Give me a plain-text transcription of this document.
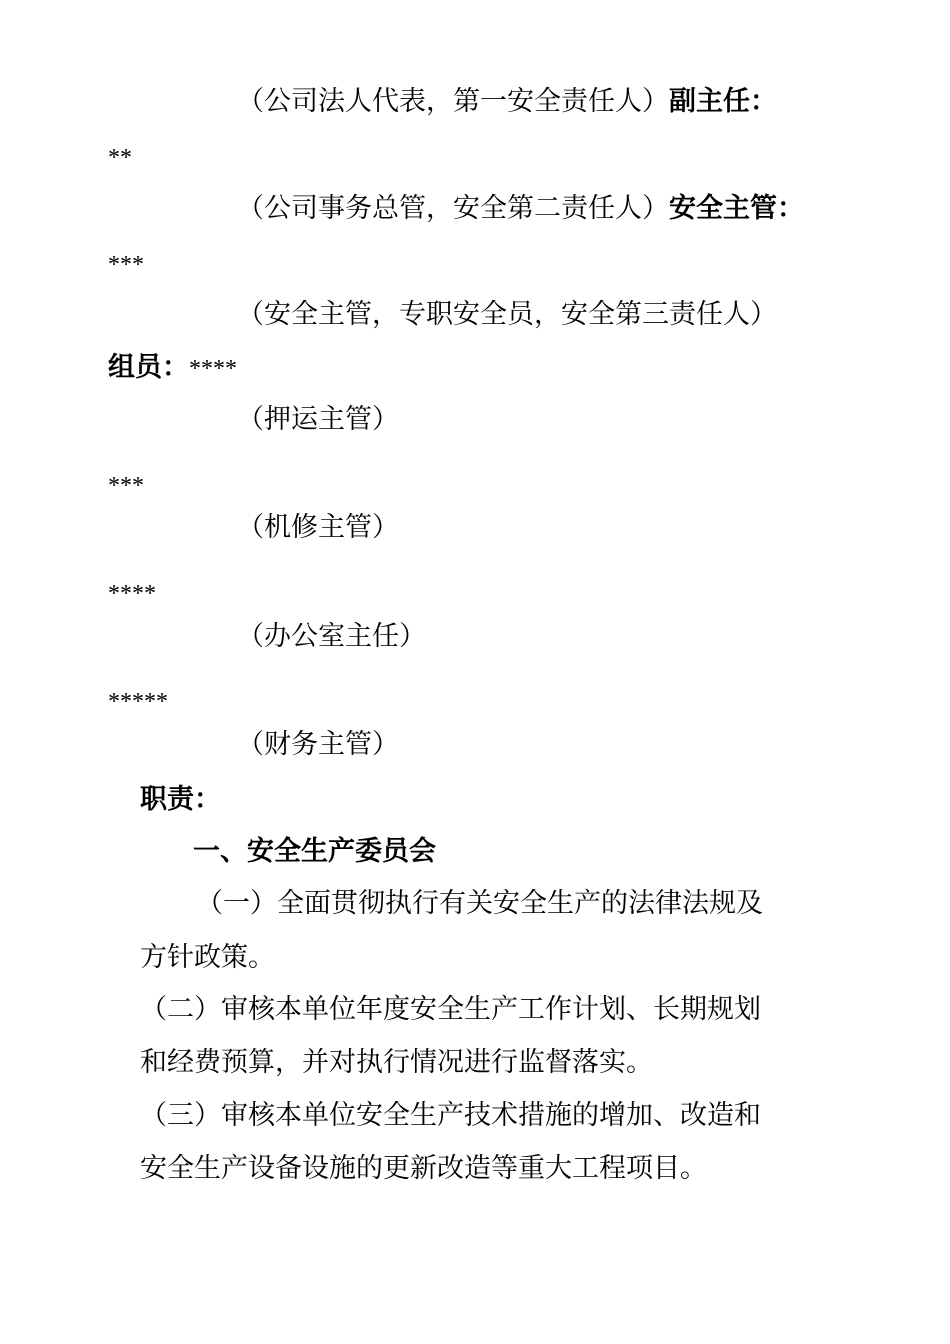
（公司法人代表，第一安全责任人）副主任：
**
（公司事务总管，安全第二责任人）安全主管：
***
（安全主管，专职安全员，安全第三责任人）
组员：****
（押运主管）
***
（机修主管）
****
（办公室主任）
*****
（财务主管）
职责：
一、安全生产委员会
（一）全面贯彻执行有关安全生产的法律法规及
方针政策。
（二）审核本单位年度安全生产工作计划、长期规划
和经费预算，并对执行情况进行监督落实。
（三）审核本单位安全生产技术措施的增加、改造和
安全生产设备设施的更新改造等重大工程项目。
